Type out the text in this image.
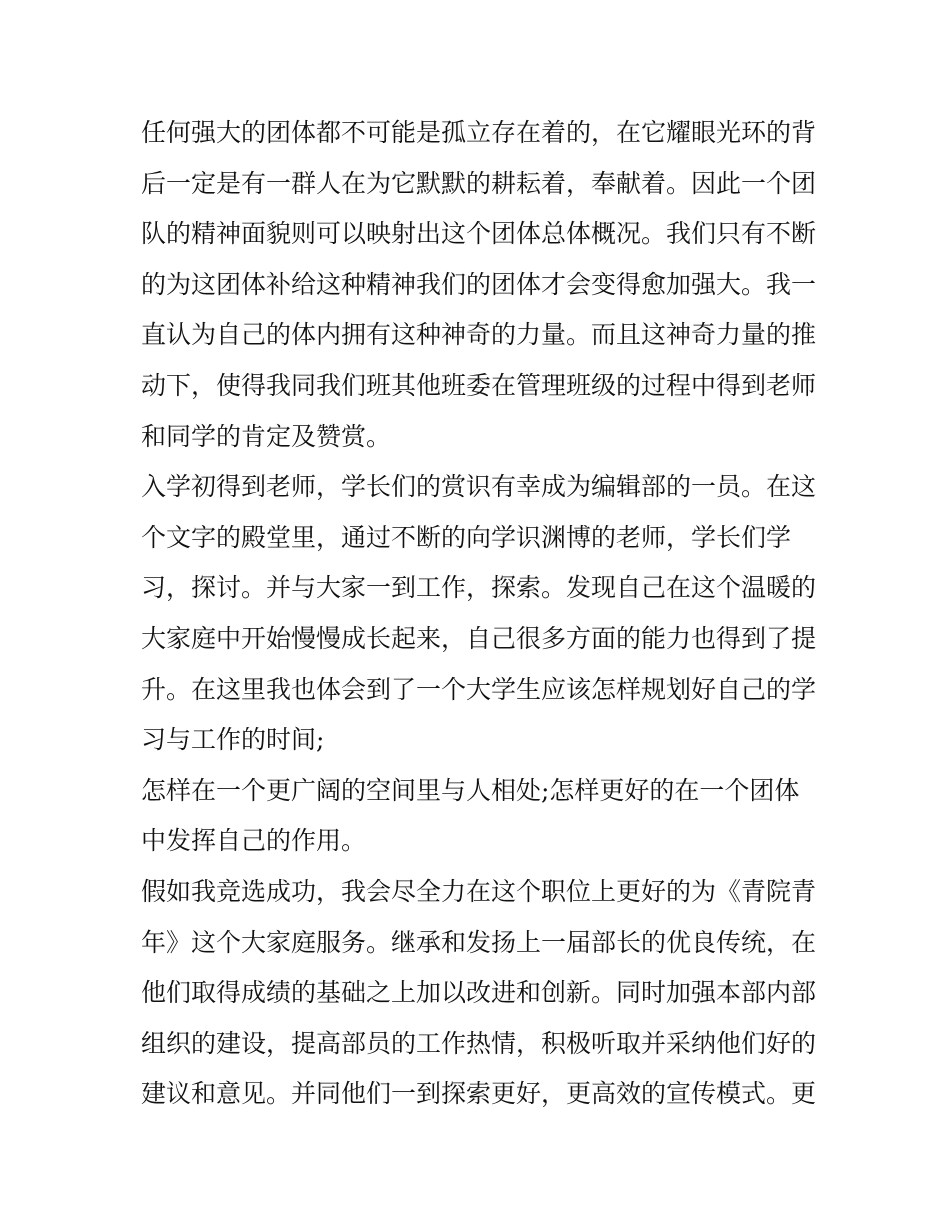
任何强大的团体都不可能是孤立存在着的，在它耀眼光环的背
后一定是有一群人在为它默默的耕耘着，奉献着。因此一个团
队的精神面貌则可以映射出这个团体总体概况。我们只有不断
的为这团体补给这种精神我们的团体才会变得愈加强大。我一
直认为自己的体内拥有这种神奇的力量。而且这神奇力量的推
动下，使得我同我们班其他班委在管理班级的过程中得到老师
和同学的肯定及赞赏。
入学初得到老师，学长们的赏识有幸成为编辑部的一员。在这
个文字的殿堂里，通过不断的向学识渊博的老师，学长们学
习，探讨。并与大家一到工作，探索。发现自己在这个温暖的
大家庭中开始慢慢成长起来，自己很多方面的能力也得到了提
升。在这里我也体会到了一个大学生应该怎样规划好自己的学
习与工作的时间;
怎样在一个更广阔的空间里与人相处;怎样更好的在一个团体
中发挥自己的作用。
假如我竞选成功，我会尽全力在这个职位上更好的为《青院青
年》这个大家庭服务。继承和发扬上一届部长的优良传统，在
他们取得成绩的基础之上加以改进和创新。同时加强本部内部
组织的建设，提高部员的工作热情，积极听取并采纳他们好的
建议和意见。并同他们一到探索更好，更高效的宣传模式。更
